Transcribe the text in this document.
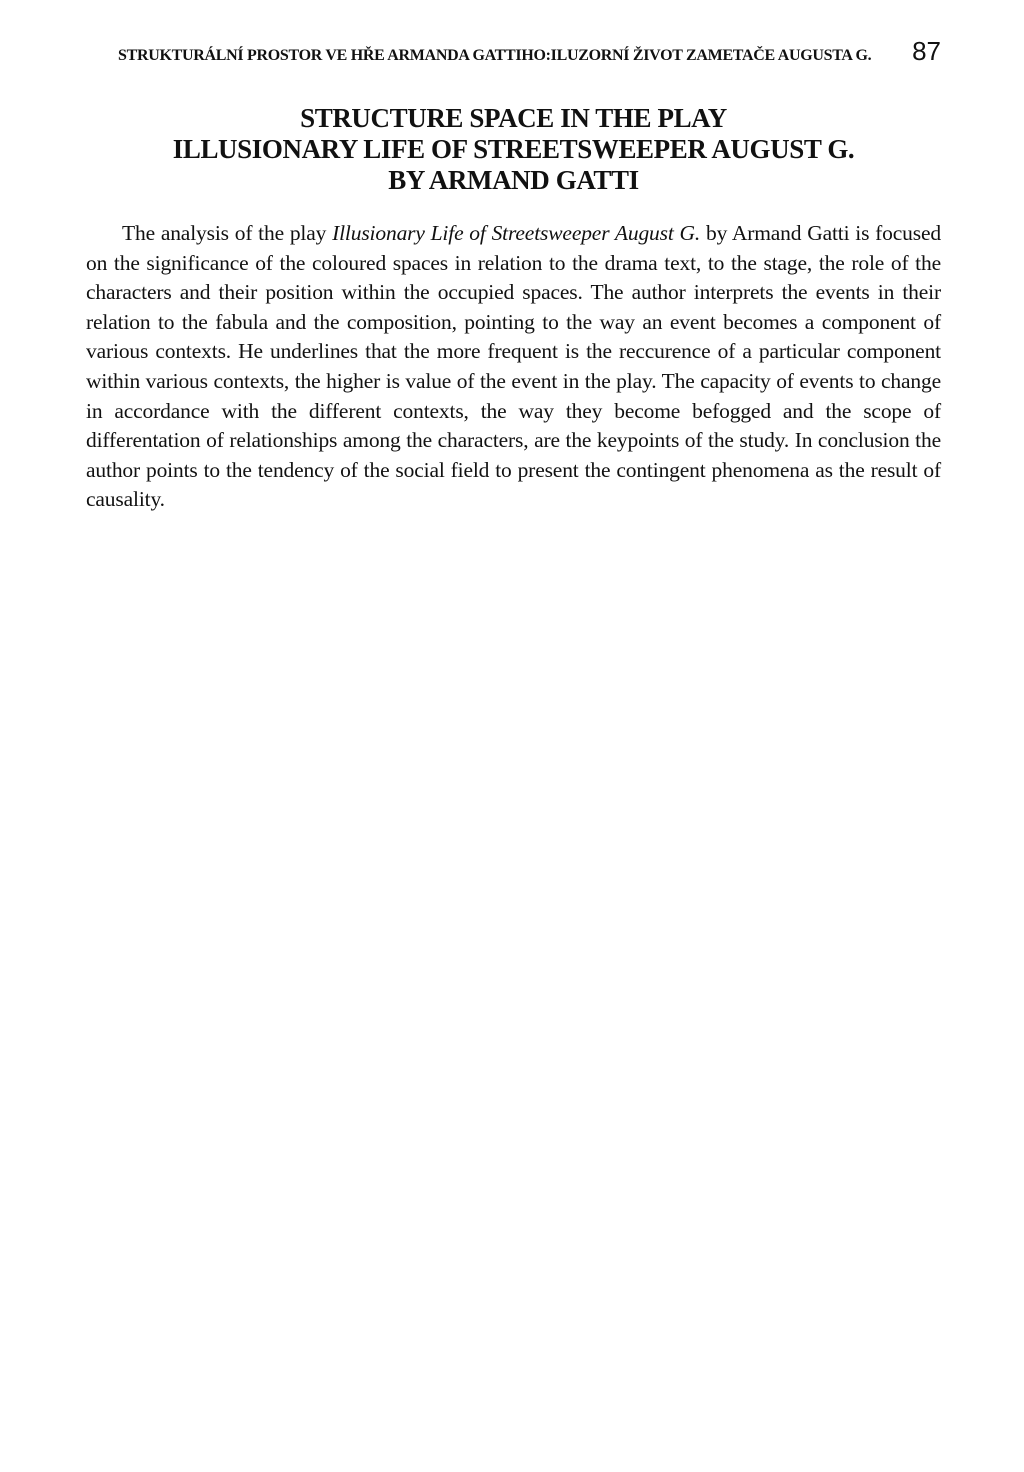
STRUKTURÁLNÍ PROSTOR VE HŘE ARMANDA GATTIHO:ILUZORNÍ ŽIVOT ZAMETAČE AUGUSTA G. 87
STRUCTURE SPACE IN THE PLAY
ILLUSIONARY LIFE OF STREETSWEEPER AUGUST G.
BY ARMAND GATTI

The analysis of the play Illusionary Life of Streetsweeper August G. by Armand Gatti is focused on the significance of the coloured spaces in relation to the drama text, to the stage, the role of the characters and their position within the occupied spaces. The author interprets the events in their relation to the fabula and the composition, pointing to the way an event becomes a component of various contexts. He underlines that the more frequent is the reccurence of a particular component within various contexts, the higher is value of the event in the play. The capacity of events to change in accordance with the different contexts, the way they become befogged and the scope of differentation of relationships among the characters, are the keypoints of the study. In conclusion the author points to the tendency of the social field to present the contingent phenomena as the result of causality.
